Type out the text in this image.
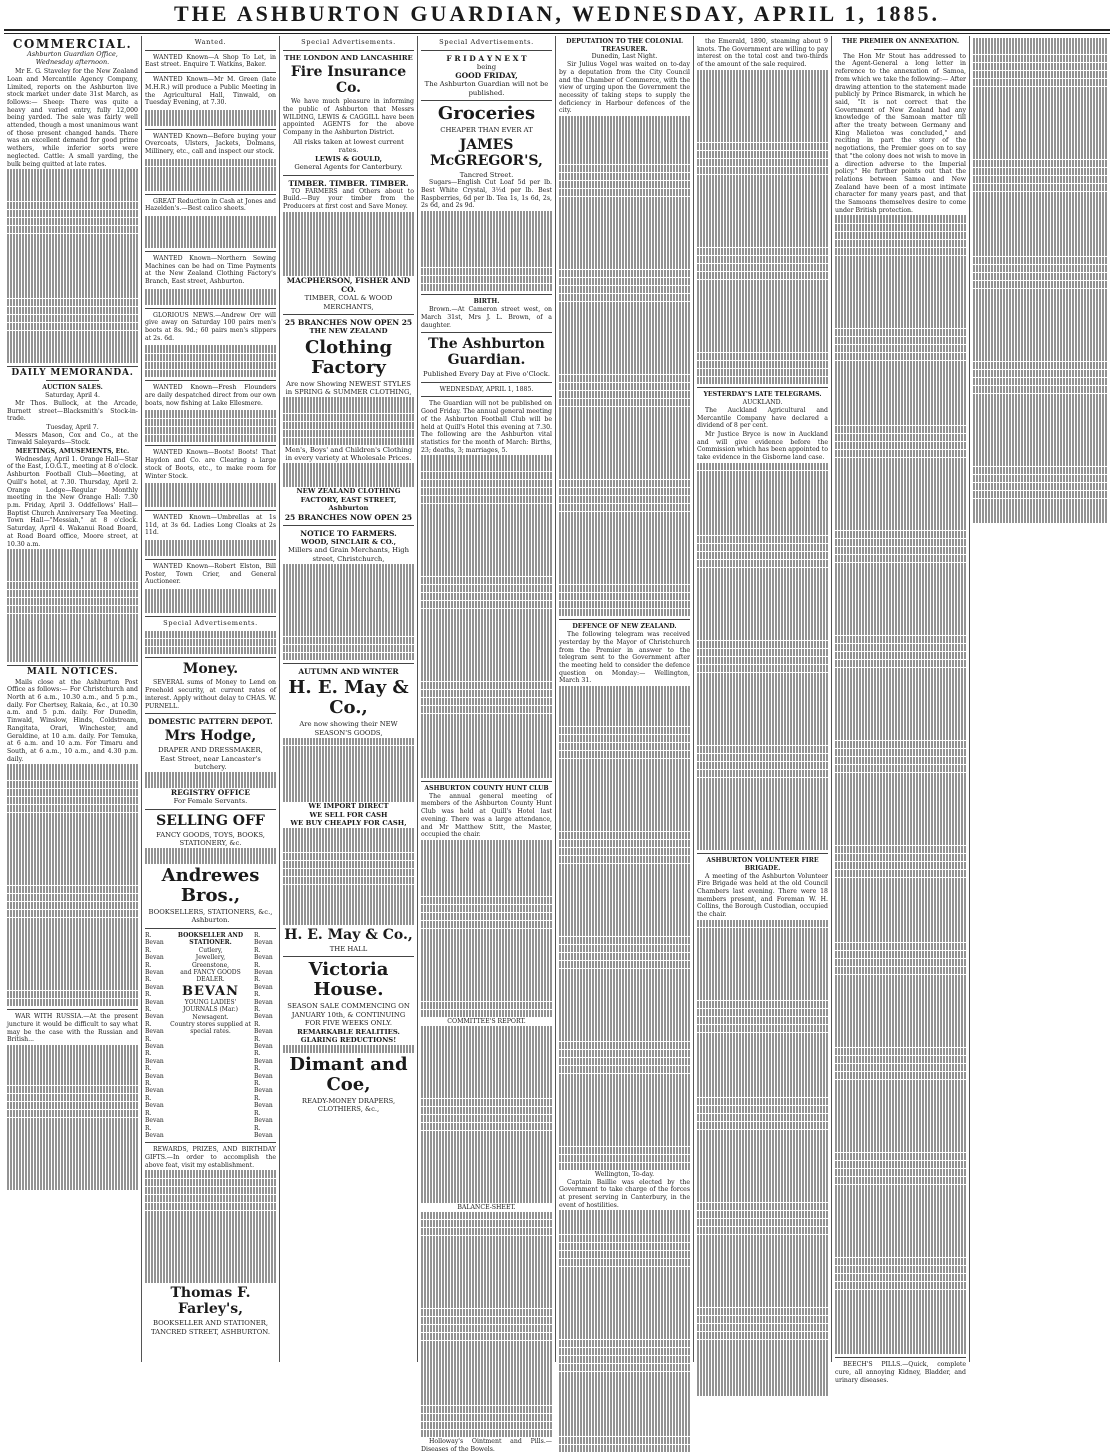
THE ASHBURTON GUARDIAN, WEDNESDAY, APRIL 1, 1885.
COMMERCIAL.
Ashburton Guardian Office,
Wednesday afternoon.
Mr E. G. Staveley for the New Zealand Loan and Mercantile Agency Company, Limited, reports on the Ashburton live stock market under date 31st March, as follows:— Sheep: There was quite a heavy and varied entry, fully 12,000 being yarded. The sale was fairly well attended, though a most unanimous want of those present changed hands. There was an excellent demand for good prime wethers, while inferior sorts were neglected. Cattle: A small yarding, the bulk being quitted at late rates.
DAILY MEMORANDA.
AUCTION SALES.
Saturday, April 4.
Mr Thos. Bullock, at the Arcade, Burnett street—Blacksmith's Stock-in-trade.
Tuesday, April 7.
Messrs Mason, Cox and Co., at the Tinwald Saleyards—Stock.
MEETINGS, AMUSEMENTS, Etc.
Wednesday, April 1. Orange Hall—Star of the East, I.O.G.T., meeting at 8 o'clock. Ashburton Football Club—Meeting, at Quill's hotel, at 7.30. Thursday, April 2. Orange Lodge—Regular Monthly meeting in the New Orange Hall: 7.30 p.m. Friday, April 3. Oddfellows' Hall—Baptist Church Anniversary Tea Meeting. Town Hall—"Messiah," at 8 o'clock. Saturday, April 4. Wakanui Road Board, at Road Board office, Moore street, at 10.30 a.m.
MAIL NOTICES.
Mails close at the Ashburton Post Office as follows:— For Christchurch and North at 6 a.m., 10.30 a.m., and 5 p.m., daily. For Chertsey, Rakaia, &c., at 10.30 a.m. and 5 p.m. daily. For Dunedin, Tinwald, Winslow, Hinds, Coldstream, Rangitata, Orari, Winchester, and Geraldine, at 10 a.m. daily. For Temuka, at 6 a.m. and 10 a.m. For Timaru and South, at 6 a.m., 10 a.m., and 4.30 p.m. daily.
WAR WITH RUSSIA.—At the present juncture it would be difficult to say what may be the case with the Russian and British...
Wanted.
WANTED Known—A Shop To Let, in East street. Enquire T. Watkins, Baker.
WANTED Known—Mr M. Green (late M.H.R.) will produce a Public Meeting in the Agricultural Hall, Tinwald, on Tuesday Evening, at 7.30.
WANTED Known—Before buying your Overcoats, Ulsters, Jackets, Dolmans, Millinery, etc., call and inspect our stock.
GREAT Reduction in Cash at Jones and Hazelden's.—Best calico sheets.
WANTED Known—Northern Sewing Machines can be had on Time Payments at the New Zealand Clothing Factory's Branch, East street, Ashburton.
GLORIOUS NEWS.—Andrew Orr will give away on Saturday 100 pairs men's boots at 8s. 9d.; 60 pairs men's slippers at 2s. 6d.
WANTED Known—Fresh Flounders are daily despatched direct from our own boats, now fishing at Lake Ellesmere.
WANTED Known—Boots! Boots! That Haydon and Co. are Clearing a large stock of Boots, etc., to make room for Winter Stock.
WANTED Known—Umbrellas at 1s 11d, at 3s 6d. Ladies Long Cloaks at 2s 11d.
WANTED Known—Robert Elston, Bill Poster, Town Crier, and General Auctioneer.
Special Advertisements.
Money.
SEVERAL sums of Money to Lend on Freehold security, at current rates of interest. Apply without delay to CHAS. W. PURNELL.
DOMESTIC PATTERN DEPOT.
Mrs Hodge,
DRAPER AND DRESSMAKER,
East Street, near Lancaster's butchery.
REGISTRY OFFICE
For Female Servants.
SELLING OFF
FANCY GOODS, TOYS, BOOKS, STATIONERY, &c.
Andrewes Bros.,
BOOKSELLERS, STATIONERS, &c., Ashburton.
R. Bevan
R. Bevan
R. Bevan
R. Bevan
R. Bevan
R. Bevan
R. Bevan
R. Bevan
R. Bevan
R. Bevan
R. Bevan
R. Bevan
R. Bevan
R. Bevan
BOOKSELLER AND STATIONER.
Cutlery,
Jewellery,
Greenstone,
and FANCY GOODS DEALER.
BEVAN
YOUNG LADIES' JOURNALS (Mar.)
Newsagent.
Country stores supplied at special rates.
R. Bevan
R. Bevan
R. Bevan
R. Bevan
R. Bevan
R. Bevan
R. Bevan
R. Bevan
R. Bevan
R. Bevan
R. Bevan
R. Bevan
R. Bevan
R. Bevan
REWARDS, PRIZES, AND BIRTHDAY GIFTS.—In order to accomplish the above feat, visit my establishment.
Thomas F. Farley's,
BOOKSELLER AND STATIONER, TANCRED STREET, ASHBURTON.
Special Advertisements.
THE LONDON AND LANCASHIRE
Fire Insurance Co.
We have much pleasure in informing the public of Ashburton that Messrs WILDING, LEWIS & CAGGILL have been appointed AGENTS for the above Company in the Ashburton District.
All risks taken at lowest current rates.
LEWIS & GOULD,
General Agents for Canterbury.
TIMBER. TIMBER. TIMBER.
TO FARMERS and Others about to Build.—Buy your timber from the Producers at first cost and Save Money.
MACPHERSON, FISHER AND CO.
TIMBER, COAL & WOOD MERCHANTS,
25 BRANCHES NOW OPEN 25
THE NEW ZEALAND
Clothing Factory
Are now Showing NEWEST STYLES in SPRING & SUMMER CLOTHING,
Men's, Boys' and Children's Clothing in every variety at Wholesale Prices.
NEW ZEALAND CLOTHING FACTORY, EAST STREET, Ashburton
25 BRANCHES NOW OPEN 25
NOTICE TO FARMERS.
WOOD, SINCLAIR & CO.,
Millers and Grain Merchants, High street, Christchurch,
AUTUMN AND WINTER
H. E. May & Co.,
Are now showing their NEW SEASON'S GOODS,
WE IMPORT DIRECT
WE SELL FOR CASH
WE BUY CHEAPLY FOR CASH,
H. E. May & Co.,
THE HALL
Victoria House.
SEASON SALE COMMENCING ON JANUARY 10th, & CONTINUING FOR FIVE WEEKS ONLY.
REMARKABLE REALITIES. GLARING REDUCTIONS!
Dimant and Coe,
READY-MONEY DRAPERS, CLOTHIERS, &c.,
Special Advertisements.
F R I D A Y N E X T
being
GOOD FRIDAY,
The Ashburton Guardian will not be published.
Groceries
CHEAPER THAN EVER AT
JAMES McGREGOR'S,
Tancred Street.
Sugars—English Cut Loaf 5d per lb. Best White Crystal, 3½d per lb. Best Raspberries, 6d per lb. Tea 1s, 1s 6d, 2s, 2s 6d, and 2s 9d.
BIRTH.
Brown.—At Cameron street west, on March 31st, Mrs J. L. Brown, of a daughter.
The Ashburton Guardian.
Published Every Day at Five o'Clock.
WEDNESDAY, APRIL 1, 1885.
The Guardian will not be published on Good Friday. The annual general meeting of the Ashburton Football Club will be held at Quill's Hotel this evening at 7.30. The following are the Ashburton vital statistics for the month of March: Births, 23; deaths, 3; marriages, 5.
ASHBURTON COUNTY HUNT CLUB
The annual general meeting of members of the Ashburton County Hunt Club was held at Quill's Hotel last evening. There was a large attendance, and Mr Matthew Stitt, the Master, occupied the chair.
COMMITTEE'S REPORT.
BALANCE-SHEET.
Holloway's Ointment and Pills.—Diseases of the Bowels.
DEPUTATION TO THE COLONIAL TREASURER.
Dunedin, Last Night.
Sir Julius Vogel was waited on to-day by a deputation from the City Council and the Chamber of Commerce, with the view of urging upon the Government the necessity of taking steps to supply the deficiency in Harbour defences of the city.
DEFENCE OF NEW ZEALAND.
The following telegram was received yesterday by the Mayor of Christchurch from the Premier in answer to the telegram sent to the Government after the meeting held to consider the defence question on Monday:— Wellington, March 31.
Wellington, To-day.
Captain Baillie was elected by the Government to take charge of the forces at present serving in Canterbury, in the event of hostilities.
the Emerald, 1890, steaming about 9 knots. The Government are willing to pay interest on the total cost and two-thirds of the amount of the sale required.
YESTERDAY'S LATE TELEGRAMS.
AUCKLAND.
The Auckland Agricultural and Mercantile Company have declared a dividend of 8 per cent.
Mr Justice Bryce is now in Auckland and will give evidence before the Commission which has been appointed to take evidence in the Gisborne land case.
ASHBURTON VOLUNTEER FIRE BRIGADE.
A meeting of the Ashburton Volunteer Fire Brigade was held at the old Council Chambers last evening. There were 18 members present, and Foreman W. H. Collins, the Borough Custodian, occupied the chair.
THE PREMIER ON ANNEXATION.
The Hon Mr Stout has addressed to the Agent-General a long letter in reference to the annexation of Samoa, from which we take the following:— After drawing attention to the statement made publicly by Prince Bismarck, in which he said, "It is not correct that the Government of New Zealand had any knowledge of the Samoan matter till after the treaty between Germany and King Malietoa was concluded," and reciting in part the story of the negotiations, the Premier goes on to say that "the colony does not wish to move in a direction adverse to the Imperial policy." He further points out that the relations between Samoa and New Zealand have been of a most intimate character for many years past, and that the Samoans themselves desire to come under British protection.
BEECH'S PILLS.—Quick, complete cure, all annoying Kidney, Bladder, and urinary diseases.
